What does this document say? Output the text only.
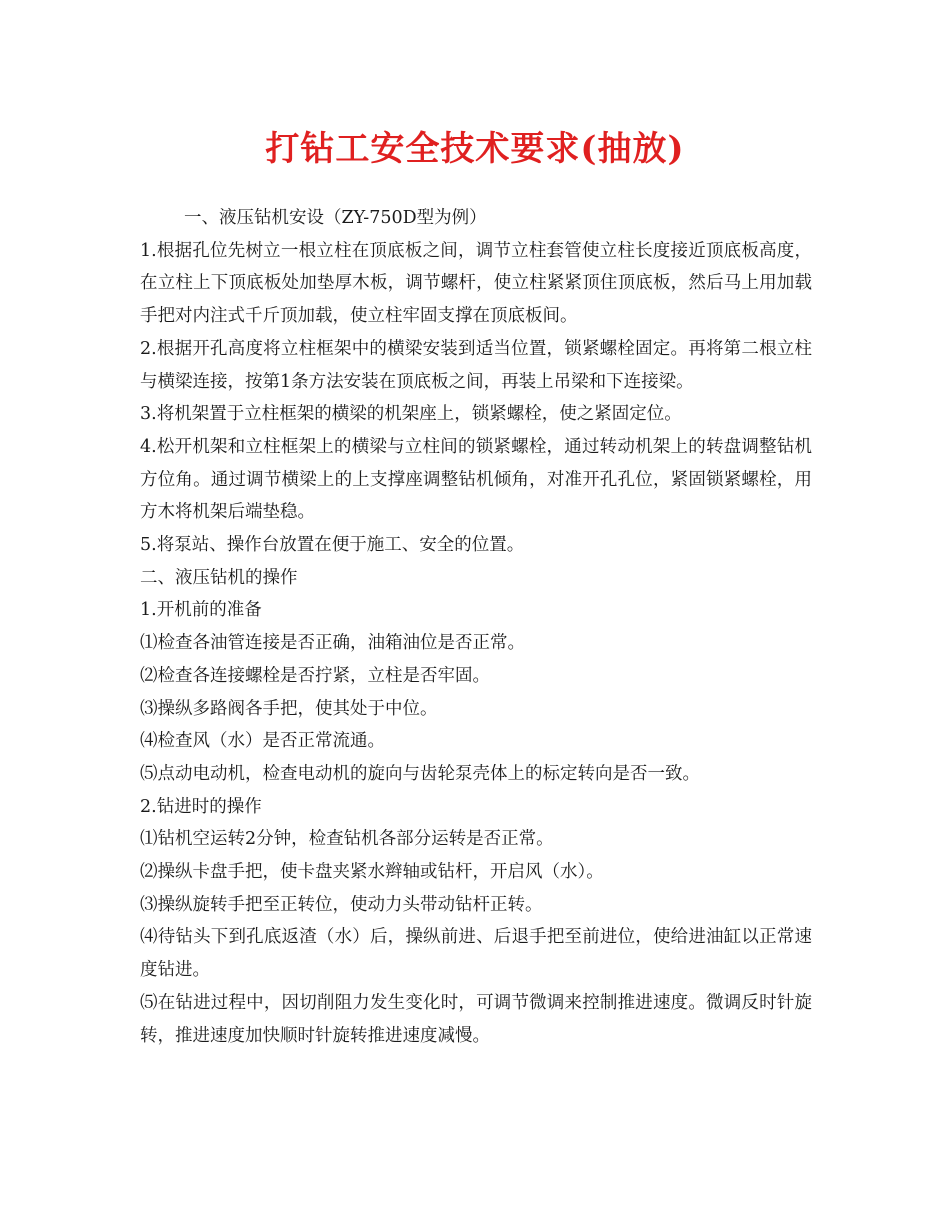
打钻工安全技术要求(抽放)

一、液压钻机安设（ZY-750D型为例）

1.根据孔位先树立一根立柱在顶底板之间，调节立柱套管使立柱长度接近顶底板高度，在立柱上下顶底板处加垫厚木板，调节螺杆，使立柱紧紧顶住顶底板，然后马上用加载手把对内注式千斤顶加载，使立柱牢固支撑在顶底板间。

2.根据开孔高度将立柱框架中的横梁安装到适当位置，锁紧螺栓固定。再将第二根立柱与横梁连接，按第1条方法安装在顶底板之间，再装上吊梁和下连接梁。

3.将机架置于立柱框架的横梁的机架座上，锁紧螺栓，使之紧固定位。

4.松开机架和立柱框架上的横梁与立柱间的锁紧螺栓，通过转动机架上的转盘调整钻机方位角。通过调节横梁上的上支撑座调整钻机倾角，对准开孔孔位，紧固锁紧螺栓，用方木将机架后端垫稳。

5.将泵站、操作台放置在便于施工、安全的位置。

二、液压钻机的操作

1.开机前的准备

⑴检查各油管连接是否正确，油箱油位是否正常。

⑵检查各连接螺栓是否拧紧，立柱是否牢固。

⑶操纵多路阀各手把，使其处于中位。

⑷检查风（水）是否正常流通。

⑸点动电动机，检查电动机的旋向与齿轮泵壳体上的标定转向是否一致。

2.钻进时的操作

⑴钻机空运转2分钟，检查钻机各部分运转是否正常。

⑵操纵卡盘手把，使卡盘夹紧水辫轴或钻杆，开启风（水）。

⑶操纵旋转手把至正转位，使动力头带动钻杆正转。

⑷待钻头下到孔底返渣（水）后，操纵前进、后退手把至前进位，使给进油缸以正常速度钻进。

⑸在钻进过程中，因切削阻力发生变化时，可调节微调来控制推进速度。微调反时针旋转，推进速度加快顺时针旋转推进速度减慢。
